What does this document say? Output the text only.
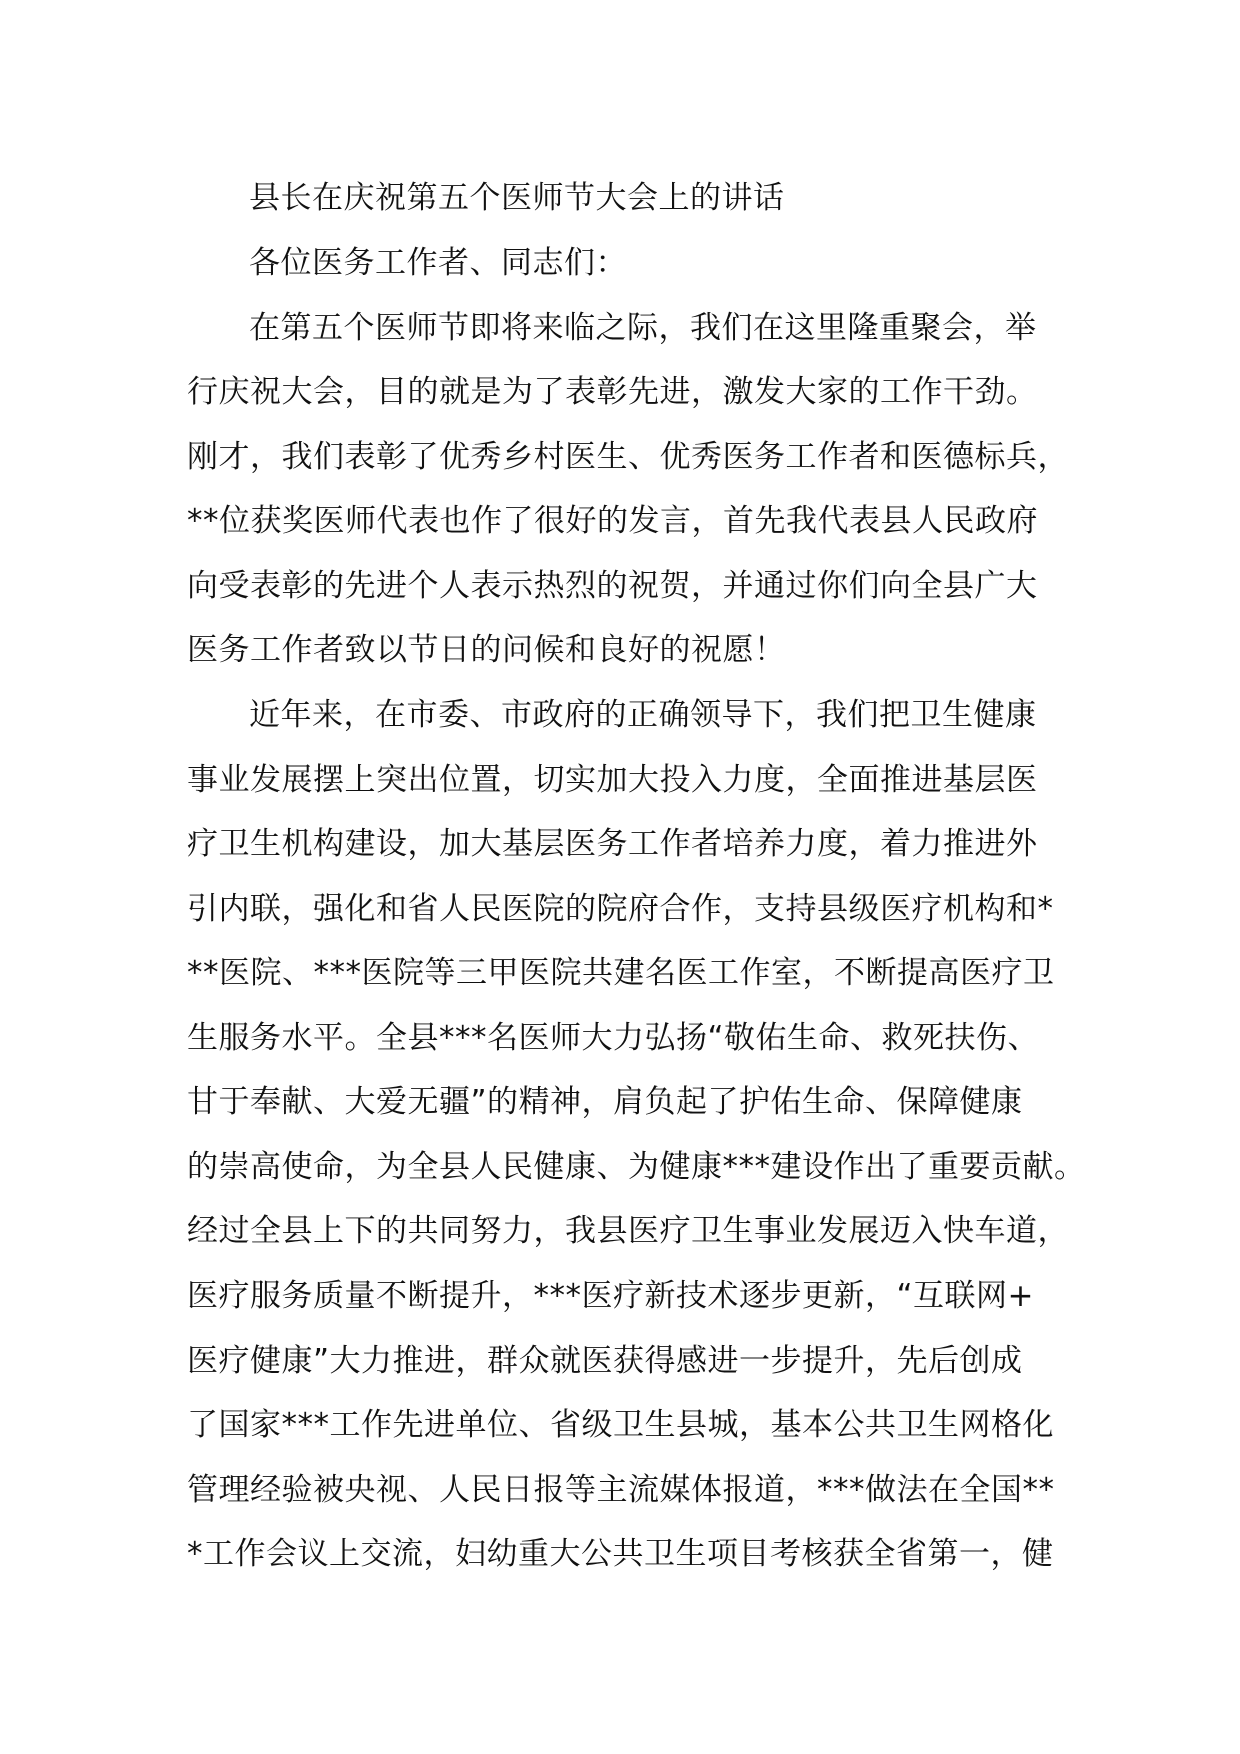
县长在庆祝第五个医师节大会上的讲话

各位医务工作者、同志们：

在第五个医师节即将来临之际，我们在这里隆重聚会，举

行庆祝大会，目的就是为了表彰先进，激发大家的工作干劲。

刚才，我们表彰了优秀乡村医生、优秀医务工作者和医德标兵，

**位获奖医师代表也作了很好的发言，首先我代表县人民政府

向受表彰的先进个人表示热烈的祝贺，并通过你们向全县广大

医务工作者致以节日的问候和良好的祝愿！

近年来，在市委、市政府的正确领导下，我们把卫生健康

事业发展摆上突出位置，切实加大投入力度，全面推进基层医

疗卫生机构建设，加大基层医务工作者培养力度，着力推进外

引内联，强化和省人民医院的院府合作，支持县级医疗机构和*

**医院、***医院等三甲医院共建名医工作室，不断提高医疗卫

生服务水平。全县***名医师大力弘扬“敬佑生命、救死扶伤、

甘于奉献、大爱无疆”的精神，肩负起了护佑生命、保障健康

的崇高使命，为全县人民健康、为健康***建设作出了重要贡献。

经过全县上下的共同努力，我县医疗卫生事业发展迈入快车道，

医疗服务质量不断提升，***医疗新技术逐步更新，“互联网+

医疗健康”大力推进，群众就医获得感进一步提升，先后创成

了国家***工作先进单位、省级卫生县城，基本公共卫生网格化

管理经验被央视、人民日报等主流媒体报道，***做法在全国**

*工作会议上交流，妇幼重大公共卫生项目考核获全省第一，健
